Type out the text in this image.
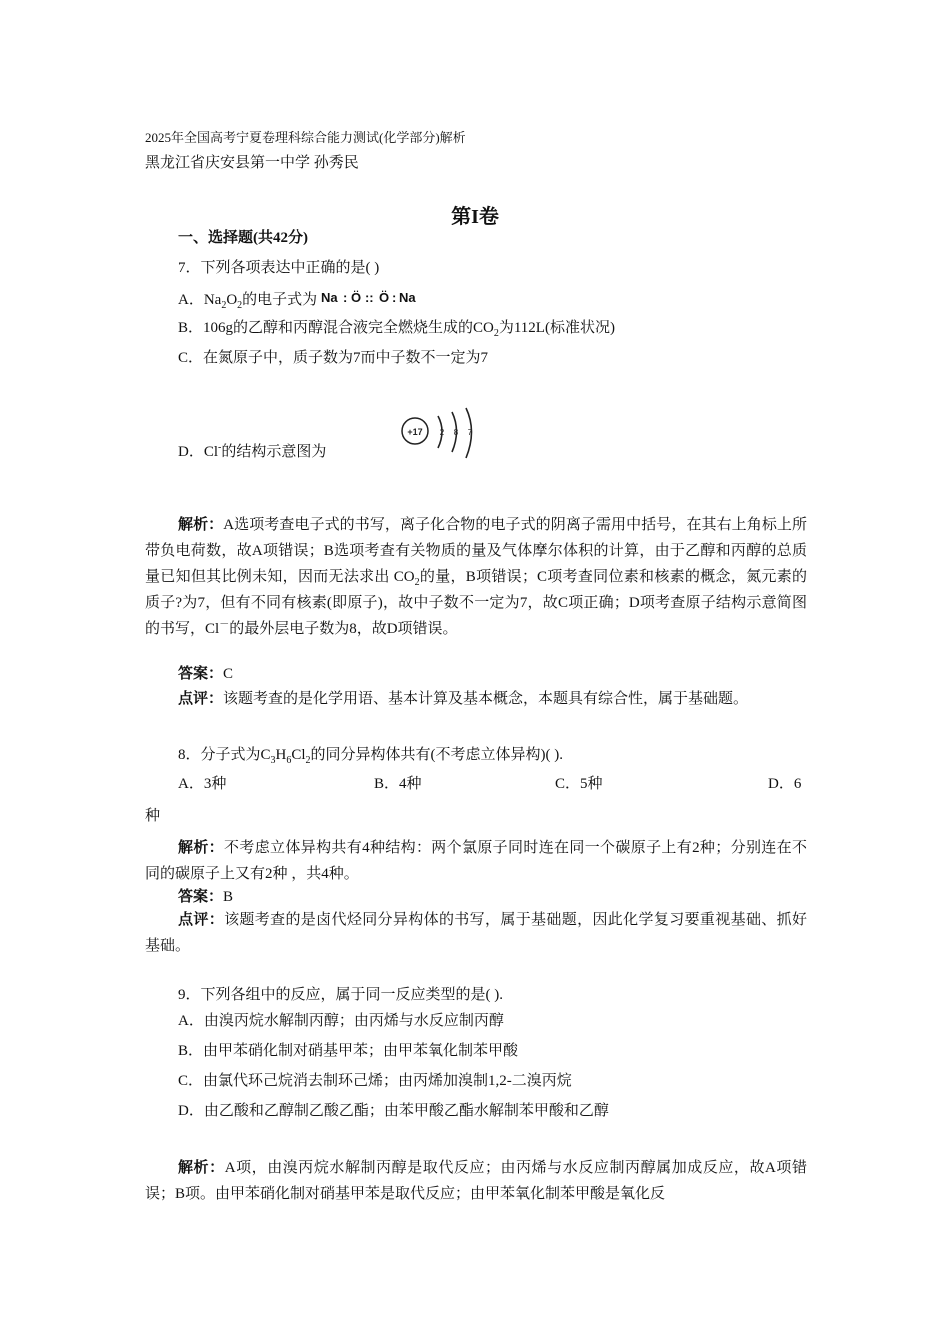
2025年全国高考宁夏卷理科综合能力测试(化学部分)解析
黑龙江省庆安县第一中学 孙秀民
第I卷
一、选择题(共42分)
7．下列各项表达中正确的是( )
A．$Na_2O_2$的电子式为 Na : Ö :: Ö : Na
B．106g的乙醇和丙醇混合液完全燃烧生成的$CO_2$为112L(标准状况)
C．在氮原子中，质子数为7而中子数不一定为7
+17 2 8 7
D．Cl-的结构示意图为
解析：A选项考查电子式的书写，离子化合物的电子式的阴离子需用中括号，在其右上角标上所带负电荷数，故A项错误；B选项考查有关物质的量及气体摩尔体积的计算，由于乙醇和丙醇的总质量已知但其比例未知，因而无法求出 $CO_2$的量，B项错误；C项考查同位素和核素的概念，氮元素的质子?为7，但有不同有核素(即原子)，故中子数不一定为7，故C项正确；D项考查原子结构示意简图的书写，Cl－的最外层电子数为8，故D项错误。
答案：C
点评：该题考查的是化学用语、基本计算及基本概念，本题具有综合性，属于基础题。
8．分子式为$C_3H_6Cl_2$的同分异构体共有(不考虑立体异构)( ).
A．3种	B．4种	C．5种	D．6
种
解析：不考虑立体异构共有4种结构：两个氯原子同时连在同一个碳原子上有2种；分别连在不同的碳原子上又有2种 ，共4种。
答案：B
点评：该题考查的是卤代烃同分异构体的书写，属于基础题，因此化学复习要重视基础、抓好基础。
9．下列各组中的反应，属于同一反应类型的是( ).
A．由溴丙烷水解制丙醇；由丙烯与水反应制丙醇
B．由甲苯硝化制对硝基甲苯；由甲苯氧化制苯甲酸
C．由氯代环己烷消去制环己烯；由丙烯加溴制1,2-二溴丙烷
D．由乙酸和乙醇制乙酸乙酯；由苯甲酸乙酯水解制苯甲酸和乙醇
解析：A项，由溴丙烷水解制丙醇是取代反应；由丙烯与水反应制丙醇属加成反应，故A项错误；B项。由甲苯硝化制对硝基甲苯是取代反应；由甲苯氧化制苯甲酸是氧化反
